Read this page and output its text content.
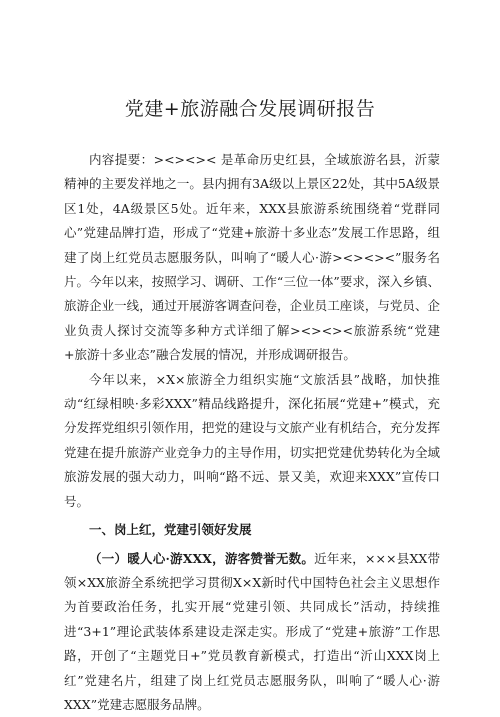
党建+旅游融合发展调研报告

内容提要：><><>< 是革命历史红县，全域旅游名县，沂蒙精神的主要发祥地之一。县内拥有3A级以上景区22处，其中5A级景区1处，4A级景区5处。近年来，XXX县旅游系统围绕着“党群同心”党建品牌打造，形成了“党建+旅游十多业态”发展工作思路，组建了岗上红党员志愿服务队，叫响了“暖人心·游><><><”服务名片。今年以来，按照学习、调研、工作“三位一体”要求，深入乡镇、旅游企业一线，通过开展游客调查问卷，企业员工座谈，与党员、企业负责人探讨交流等多种方式详细了解><><><旅游系统“党建+旅游十多业态”融合发展的情况，并形成调研报告。

今年以来，×X×旅游全力组织实施“文旅活县”战略，加快推动“红绿相映·多彩XXX”精品线路提升，深化拓展“党建+”模式，充分发挥党组织引领作用，把党的建设与文旅产业有机结合，充分发挥党建在提升旅游产业竞争力的主导作用，切实把党建优势转化为全域旅游发展的强大动力，叫响“路不远、景又美，欢迎来XXX”宣传口号。

一、岗上红，党建引领好发展

（一）暖人心·游XXX，游客赞誉无数。近年来，×××县XX带领×XX旅游全系统把学习贯彻X×X新时代中国特色社会主义思想作为首要政治任务，扎实开展“党建引领、共同成长”活动，持续推进“3+1”理论武装体系建设走深走实。形成了“党建+旅游”工作思路，开创了“主题党日+”党员教育新模式，打造出“沂山XXX岗上红”党建名片，组建了岗上红党员志愿服务队，叫响了“暖人心·游XXX”党建志愿服务品牌。
